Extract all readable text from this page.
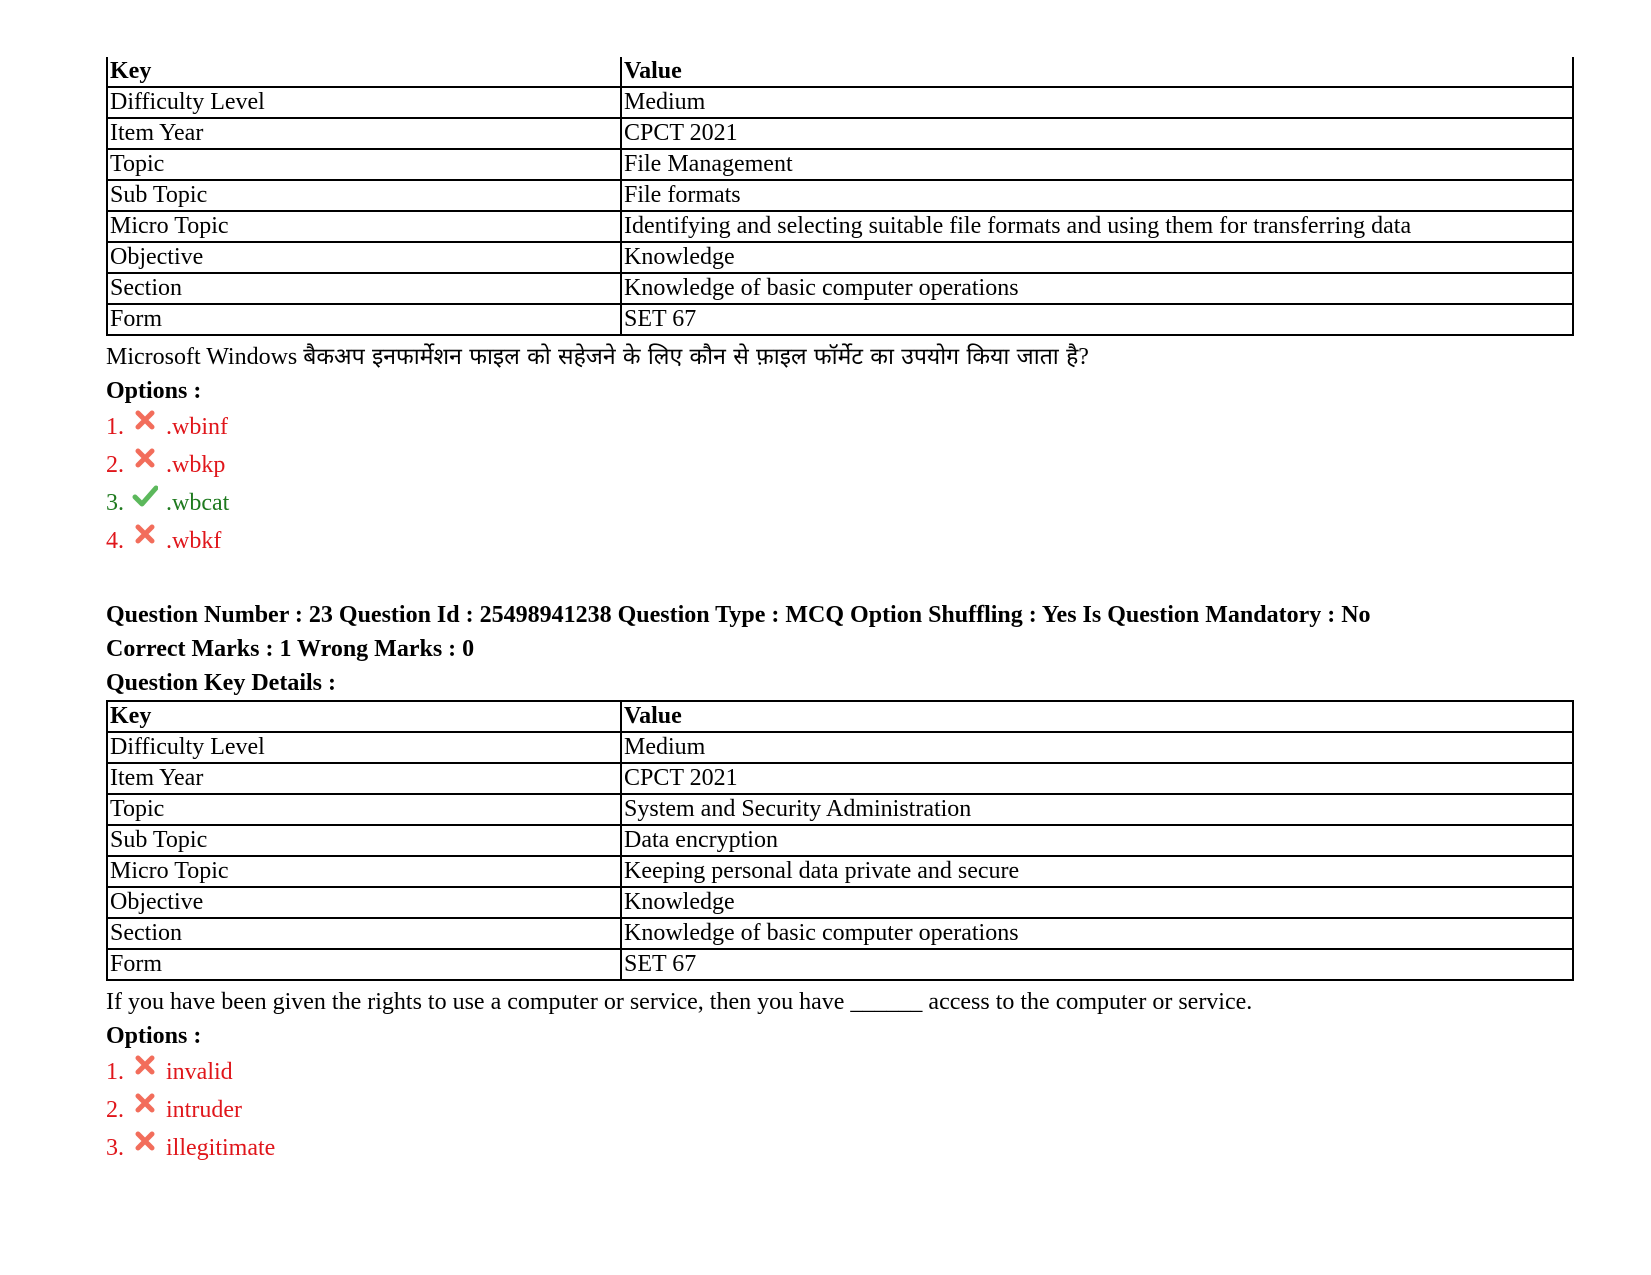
Key	Value
Difficulty Level	Medium
Item Year	CPCT 2021
Topic	File Management
Sub Topic	File formats
Micro Topic	Identifying and selecting suitable file formats and using them for transferring data
Objective	Knowledge
Section	Knowledge of basic computer operations
Form	SET 67
Microsoft Windows बैकअप इनफार्मेशन फाइल को सहेजने के लिए कौन से फ़ाइल फॉर्मेट का उपयोग किया जाता है?
Options :
1.	.wbinf
2.	.wbkp
3.	.wbcat
4.	.wbkf
Question Number : 23 Question Id : 25498941238 Question Type : MCQ Option Shuffling : Yes Is Question Mandatory : No
Correct Marks : 1 Wrong Marks : 0
Question Key Details :
Key	Value
Difficulty Level	Medium
Item Year	CPCT 2021
Topic	System and Security Administration
Sub Topic	Data encryption
Micro Topic	Keeping personal data private and secure
Objective	Knowledge
Section	Knowledge of basic computer operations
Form	SET 67
If you have been given the rights to use a computer or service, then you have ______ access to the computer or service.
Options :
1.	invalid
2.	intruder
3.	illegitimate
